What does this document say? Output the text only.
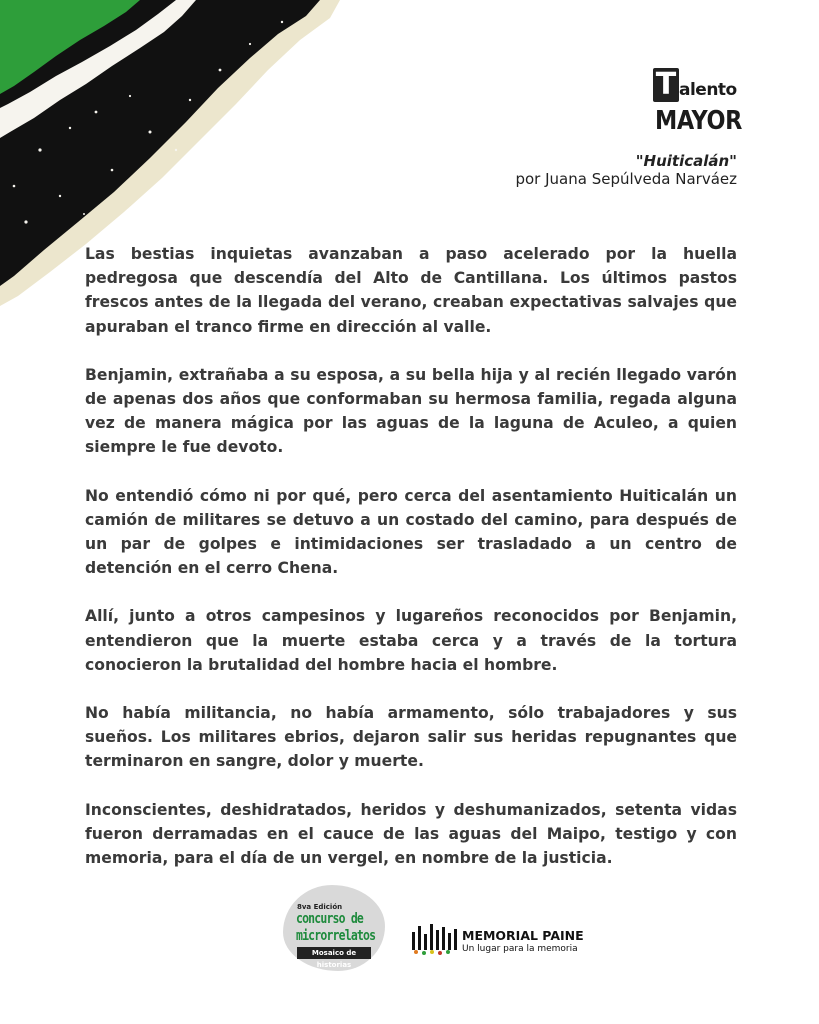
T alento
MAYOR
"Huiticalán"
por Juana Sepúlveda Narváez

Las bestias inquietas avanzaban a paso acelerado por la huella pedregosa que descendía del Alto de Cantillana. Los últimos pastos frescos antes de la llegada del verano, creaban expectativas salvajes que apuraban el tranco firme en dirección al valle.

Benjamin, extrañaba a su esposa, a su bella hija y al recién llegado varón de apenas dos años que conformaban su hermosa familia, regada alguna vez de manera mágica por las aguas de la laguna de Aculeo, a quien siempre le fue devoto.

No entendió cómo ni por qué, pero cerca del asentamiento Huiticalán un camión de militares se detuvo a un costado del camino, para después de un par de golpes e intimidaciones ser trasladado a un centro de detención en el cerro Chena.

Allí, junto a otros campesinos y lugareños reconocidos por Benjamin, entendieron que la muerte estaba cerca y a través de la tortura conocieron la brutalidad del hombre hacia el hombre.

No había militancia, no había armamento, sólo trabajadores y sus sueños. Los militares ebrios, dejaron salir sus heridas repugnantes que terminaron en sangre, dolor y muerte.

Inconscientes, deshidratados, heridos y deshumanizados, setenta vidas fueron derramadas en el cauce de las aguas del Maipo, testigo y con memoria, para el día de un vergel, en nombre de la justicia.

8va Edición
concurso de
microrrelatos
Mosaico de historias
MEMORIAL PAINE
Un lugar para la memoria
